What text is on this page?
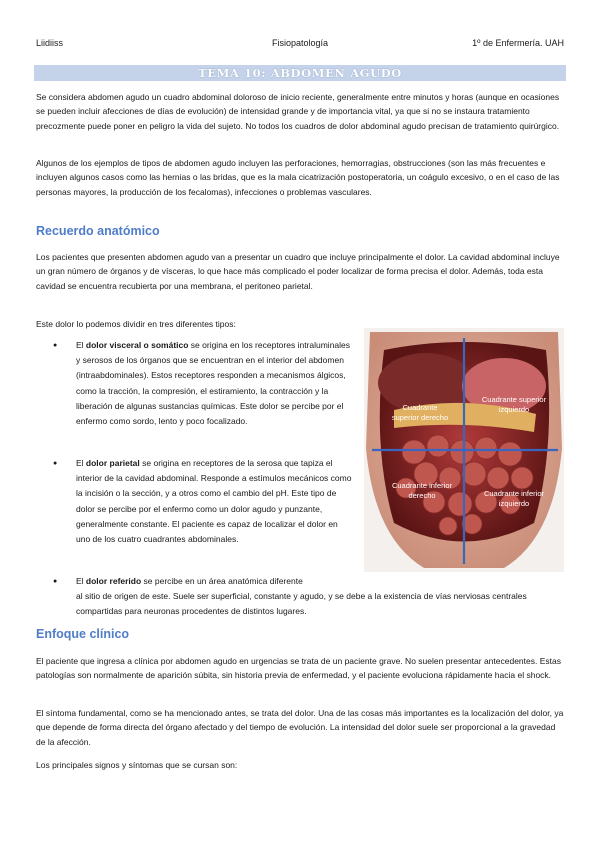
Liidiiss	Fisiopatología	1º de Enfermería. UAH
TEMA 10: ABDOMEN AGUDO

Se considera abdomen agudo un cuadro abdominal doloroso de inicio reciente, generalmente entre minutos y horas (aunque en ocasiones se pueden incluir afecciones de días de evolución) de intensidad grande y de importancia vital, ya que si no se instaura tratamiento precozmente puede poner en peligro la vida del sujeto. No todos los cuadros de dolor abdominal agudo precisan de tratamiento quirúrgico.

Algunos de los ejemplos de tipos de abdomen agudo incluyen las perforaciones, hemorragias, obstrucciones (son las más frecuentes e incluyen algunos casos como las hernias o las bridas, que es la mala cicatrización postoperatoria, un coágulo excesivo, o en el caso de las personas mayores, la producción de los fecalomas), infecciones o problemas vasculares.

Recuerdo anatómico

Los pacientes que presenten abdomen agudo van a presentar un cuadro que incluye principalmente el dolor. La cavidad abdominal incluye un gran número de órganos y de vísceras, lo que hace más complicado el poder localizar de forma precisa el dolor. Además, toda esta cavidad se encuentra recubierta por una membrana, el peritoneo parietal.

Este dolor lo podemos dividir en tres diferentes tipos:

● El dolor visceral o somático se origina en los receptores intraluminales y serosos de los órganos que se encuentran en el interior del abdomen (intraabdominales). Estos receptores responden a mecanismos álgicos, como la tracción, la compresión, el estiramiento, la contracción y la liberación de algunas sustancias químicas. Este dolor se percibe por el enfermo como sordo, lento y poco focalizado.
● El dolor parietal se origina en receptores de la serosa que tapiza el interior de la cavidad abdominal. Responde a estímulos mecánicos como la incisión o la sección, y a otros como el cambio del pH. Este tipo de dolor se percibe por el enfermo como un dolor agudo y punzante, generalmente constante. El paciente es capaz de localizar el dolor en uno de los cuatro cuadrantes abdominales.
● El dolor referido se percibe en un área anatómica diferente
al sitio de origen de este. Suele ser superficial, constante y agudo, y se debe a la existencia de vías nerviosas centrales compartidas para neuronas procedentes de distintos lugares.
Cuadrante superior derecho
Cuadrante superior izquierdo
Cuadrante inferior derecho	Cuadrante inferior izquierdo
Enfoque clínico

El paciente que ingresa a clínica por abdomen agudo en urgencias se trata de un paciente grave. No suelen presentar antecedentes. Estas patologías son normalmente de aparición súbita, sin historia previa de enfermedad, y el paciente evoluciona rápidamente hacia el shock.

El síntoma fundamental, como se ha mencionado antes, se trata del dolor. Una de las cosas más importantes es la localización del dolor, ya que depende de forma directa del órgano afectado y del tiempo de evolución. La intensidad del dolor suele ser proporcional a la gravedad de la afección.

Los principales signos y síntomas que se cursan son:
